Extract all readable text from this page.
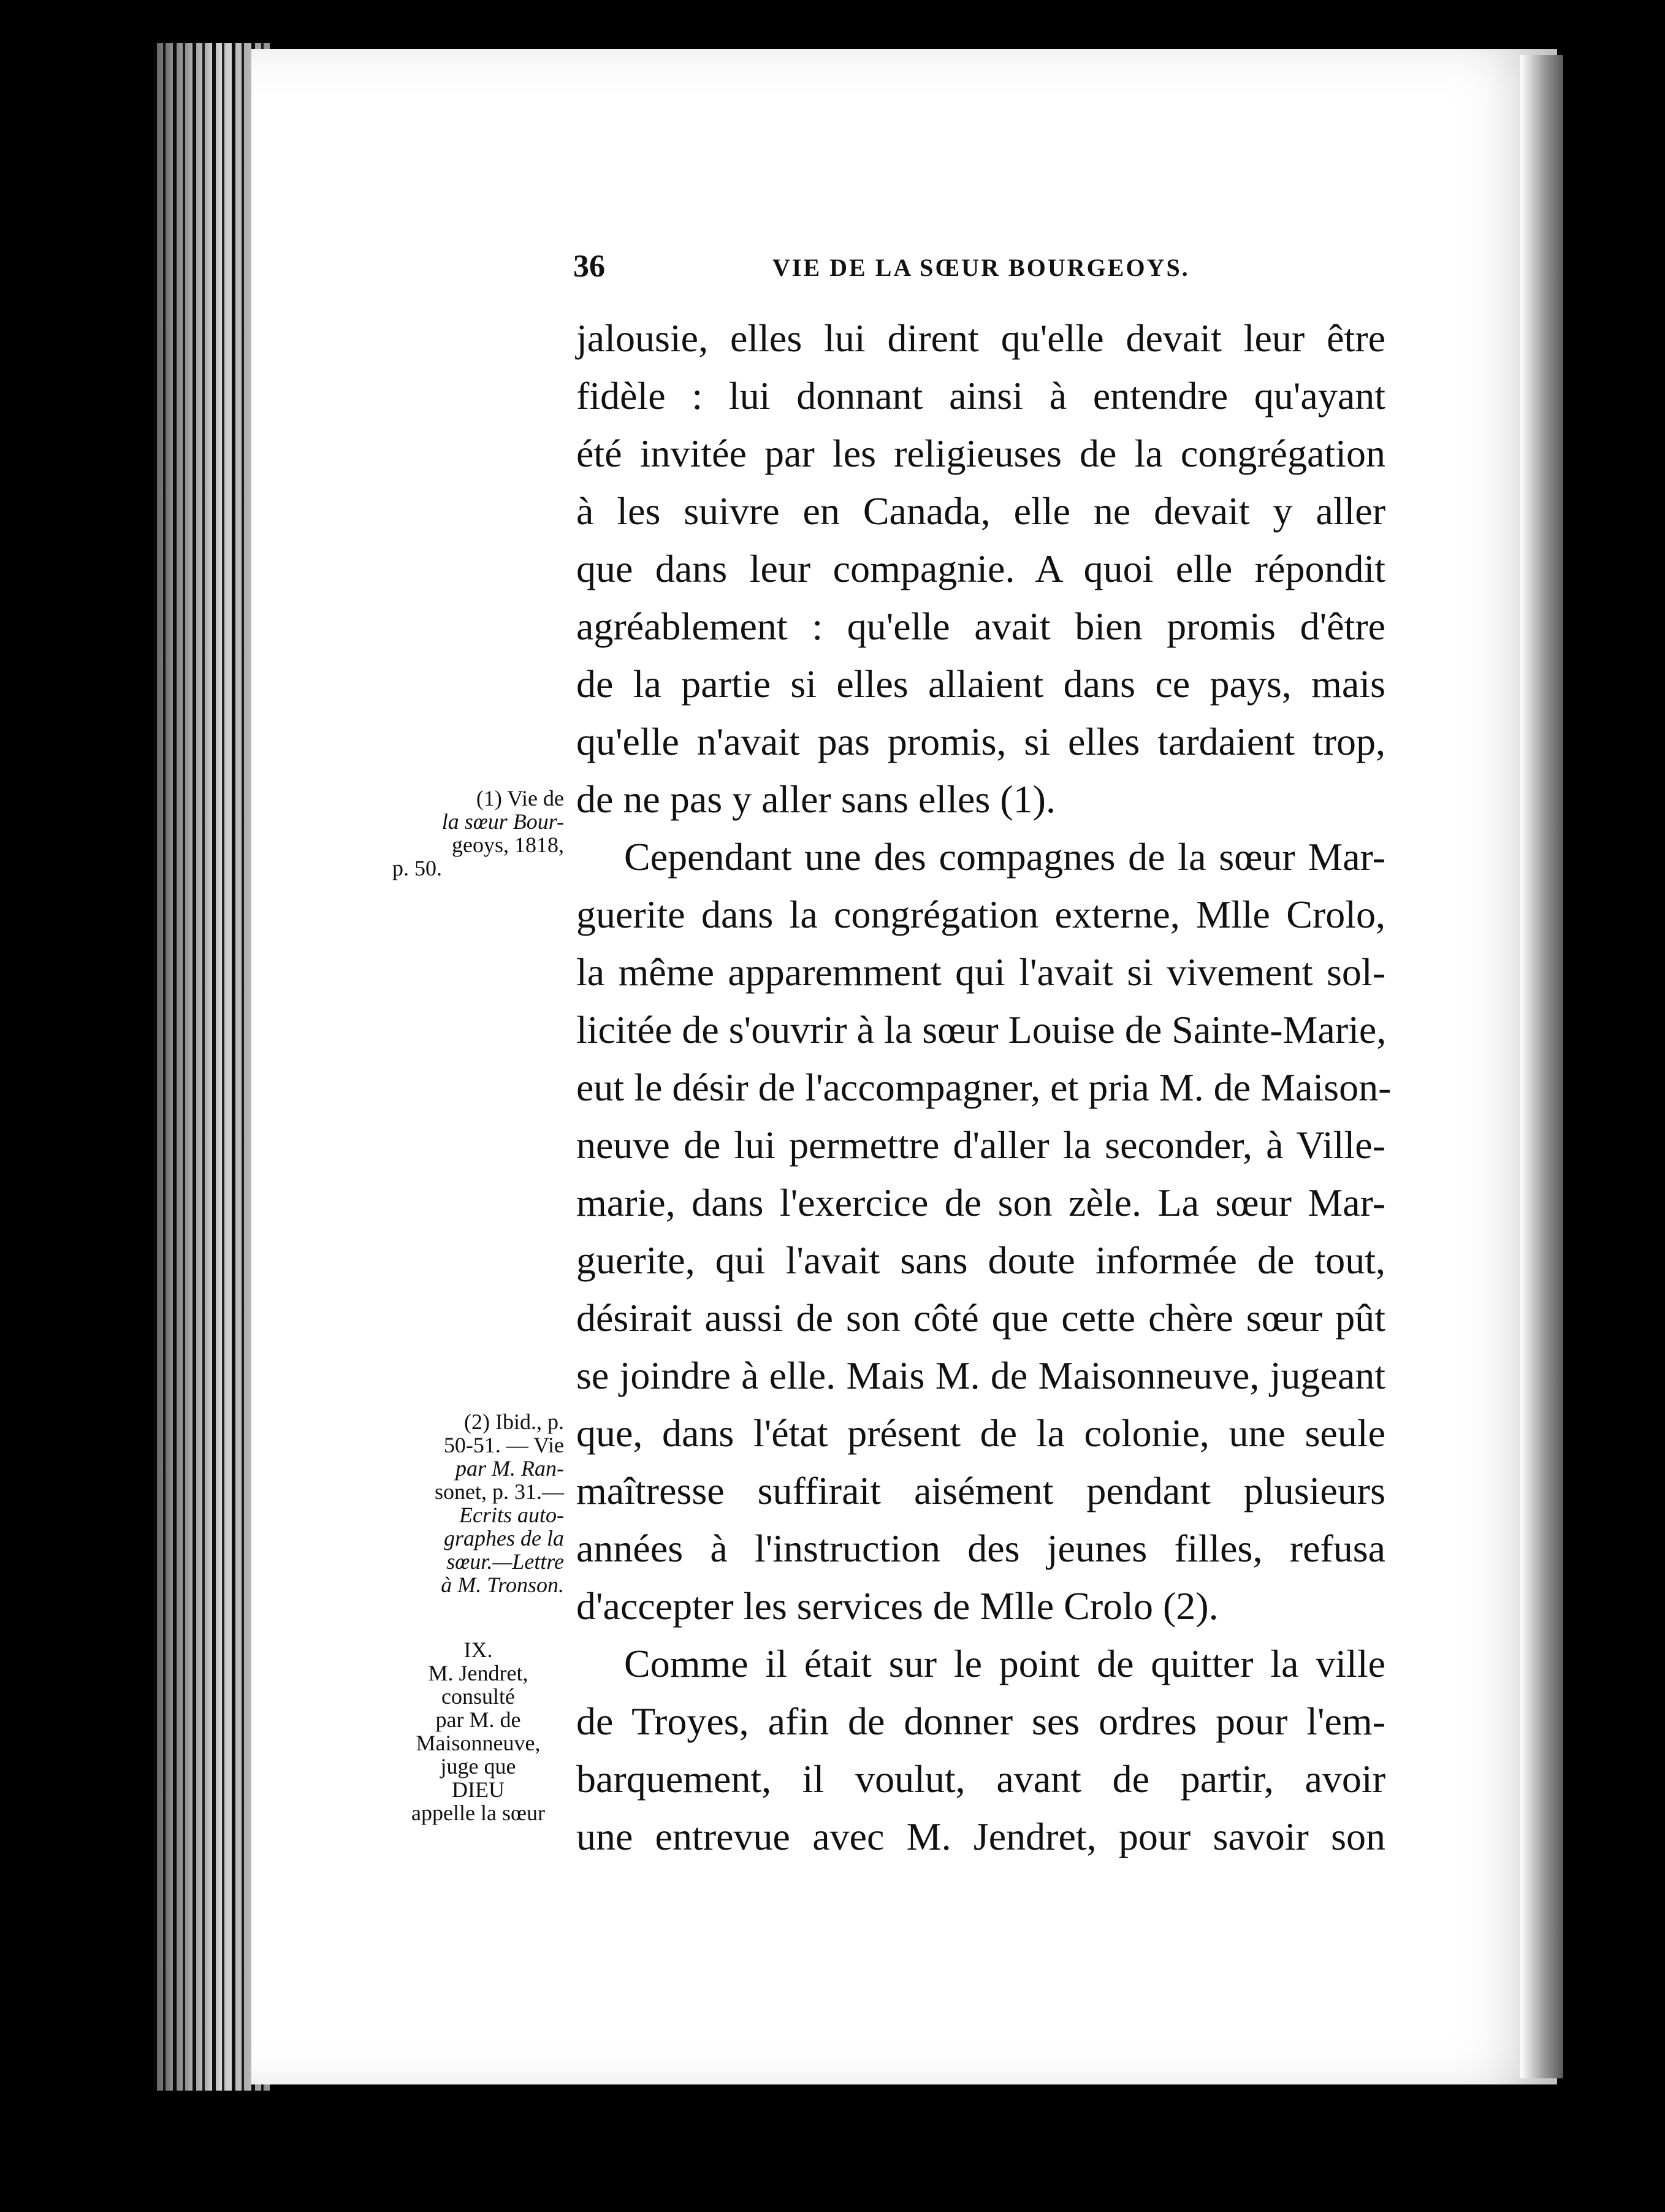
36	VIE DE LA SŒUR BOURGEOYS.
jalousie, elles lui dirent qu'elle devait leur être
fidèle : lui donnant ainsi à entendre qu'ayant
été invitée par les religieuses de la congrégation
à les suivre en Canada, elle ne devait y aller
que dans leur compagnie. A quoi elle répondit
agréablement : qu'elle avait bien promis d'être
de la partie si elles allaient dans ce pays, mais
qu'elle n'avait pas promis, si elles tardaient trop,
de ne pas y aller sans elles (1).
Cependant une des compagnes de la sœur Mar-
guerite dans la congrégation externe, Mlle Crolo,
la même apparemment qui l'avait si vivement sol-
licitée de s'ouvrir à la sœur Louise de Sainte-Marie,
eut le désir de l'accompagner, et pria M. de Maison-
neuve de lui permettre d'aller la seconder, à Ville-
marie, dans l'exercice de son zèle. La sœur Mar-
guerite, qui l'avait sans doute informée de tout,
désirait aussi de son côté que cette chère sœur pût
se joindre à elle. Mais M. de Maisonneuve, jugeant
que, dans l'état présent de la colonie, une seule
maîtresse suffirait aisément pendant plusieurs
années à l'instruction des jeunes filles, refusa
d'accepter les services de Mlle Crolo (2).
Comme il était sur le point de quitter la ville
de Troyes, afin de donner ses ordres pour l'em-
barquement, il voulut, avant de partir, avoir
une entrevue avec M. Jendret, pour savoir son
(1) Vie de
la sœur Bour-
geoys, 1818,
p. 50.
(2) Ibid., p.
50-51. — Vie
par M. Ran-
sonet, p. 31.—
Ecrits auto-
graphes de la
sœur.—Lettre
à M. Tronson.
IX.
M. Jendret,
consulté
par M. de
Maisonneuve,
juge que
DIEU
appelle la sœur
